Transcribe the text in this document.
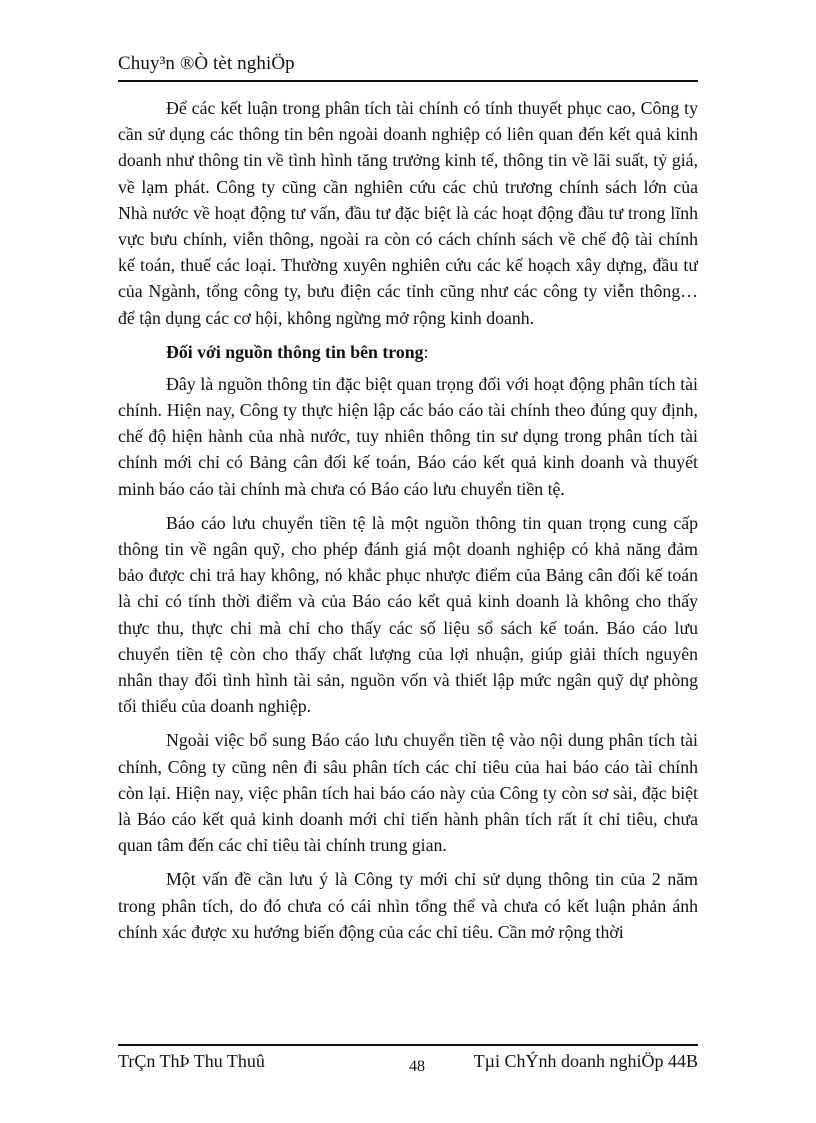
Chuy³n ®Ò tèt nghiÖp

Để các kết luận trong phân tích tài chính có tính thuyết phục cao, Công ty cần sử dụng các thông tin bên ngoài doanh nghiệp có liên quan đến kết quả kinh doanh như thông tin về tình hình tăng trưởng kinh tế, thông tin về lãi suất, tỷ giá, về lạm phát. Công ty cũng cần nghiên cứu các chủ trương chính sách lớn của Nhà nước về hoạt động tư vấn, đầu tư đặc biệt là các hoạt động đầu tư trong lĩnh vực bưu chính, viễn thông, ngoài ra còn có cách chính sách về chế độ tài chính kế toán, thuế các loại. Thường xuyên nghiên cứu các kế hoạch xây dựng, đầu tư của Ngành, tổng công ty, bưu điện các tỉnh cũng như các công ty viễn thông… để tận dụng các cơ hội, không ngừng mở rộng kinh doanh.

Đối với nguồn thông tin bên trong:

Đây là nguồn thông tin đặc biệt quan trọng đối với hoạt động phân tích tài chính. Hiện nay, Công ty thực hiện lập các báo cáo tài chính theo đúng quy định, chế độ hiện hành của nhà nước, tuy nhiên thông tin sư dụng trong phân tích tài chính mới chỉ có Bảng cân đối kế toán, Báo cáo kết quả kinh doanh và thuyết minh báo cáo tài chính mà chưa có Báo cáo lưu chuyển tiền tệ.

Báo cáo lưu chuyển tiền tệ là một nguồn thông tin quan trọng cung cấp thông tin về ngân quỹ, cho phép đánh giá một doanh nghiệp có khả năng đảm bảo được chi trả hay không, nó khắc phục nhược điểm của Bảng cân đối kế toán là chỉ có tính thời điểm và của Báo cáo kết quả kinh doanh là không cho thấy thực thu, thực chi mà chỉ cho thấy các số liệu sổ sách kế toán. Báo cáo lưu chuyển tiền tệ còn cho thấy chất lượng của lợi nhuận, giúp giải thích nguyên nhân thay đổi tình hình tài sản, nguồn vốn và thiết lập mức ngân quỹ dự phòng tối thiểu của doanh nghiệp.

Ngoài việc bổ sung Báo cáo lưu chuyển tiền tệ vào nội dung phân tích tài chính, Công ty cũng nên đi sâu phân tích các chỉ tiêu của hai báo cáo tài chính còn lại. Hiện nay, việc phân tích hai báo cáo này của Công ty còn sơ sài, đặc biệt là Báo cáo kết quả kinh doanh mới chỉ tiến hành phân tích rất ít chỉ tiêu, chưa quan tâm đến các chỉ tiêu tài chính trung gian.

Một vấn đề cần lưu ý là Công ty mới chỉ sử dụng thông tin của 2 năm trong phân tích, do đó chưa có cái nhìn tổng thể và chưa có kết luận phản ánh chính xác được xu hướng biến động của các chỉ tiêu. Cần mở rộng thời

TrÇn ThÞ Thu Thuû	48	Tµi ChÝnh doanh nghiÖp 44B
